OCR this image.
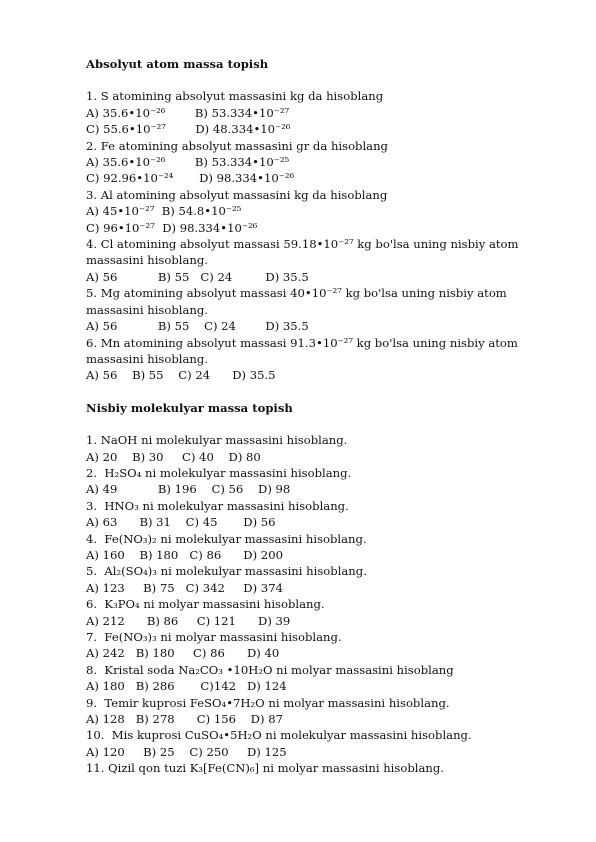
Absolyut atom massa topish

1. S atomining absolyut massasini kg da hisoblang

A) 35.6•10⁻²⁶        B) 53.334•10⁻²⁷

C) 55.6•10⁻²⁷        D) 48.334•10⁻²⁶

2. Fe atomining absolyut massasini gr da hisoblang

A) 35.6•10⁻²⁶        B) 53.334•10⁻²⁵

C) 92.96•10⁻²⁴       D) 98.334•10⁻²⁶

3. Al atomining absolyut massasini kg da hisoblang

A) 45•10⁻²⁷  B) 54.8•10⁻²⁵

C) 96•10⁻²⁷  D) 98.334•10⁻²⁶

4. Cl atomining absolyut massasi 59.18•10⁻²⁷ kg bo'lsa uning nisbiy atom massasini hisoblang.

A) 56           B) 55   C) 24         D) 35.5

5. Mg atomining absolyut massasi 40•10⁻²⁷ kg bo'lsa uning nisbiy atom massasini hisoblang.

A) 56           B) 55    C) 24        D) 35.5

6. Mn atomining absolyut massasi 91.3•10⁻²⁷ kg bo'lsa uning nisbiy atom massasini hisoblang.

A) 56    B) 55    C) 24      D) 35.5

Nisbiy molekulyar massa topish

1. NaOH ni molekulyar massasini hisoblang.

A) 20    B) 30     C) 40    D) 80

2.  H₂SO₄ ni molekulyar massasini hisoblang.

A) 49           B) 196    C) 56    D) 98

3.  HNO₃ ni molekulyar massasini hisoblang.

A) 63      B) 31    C) 45       D) 56

4.  Fe(NO₃)₂ ni molekulyar massasini hisoblang.

A) 160    B) 180   C) 86      D) 200

5.  Al₂(SO₄)₃ ni molekulyar massasini hisoblang.

A) 123     B) 75   C) 342     D) 374

6.  K₃PO₄ ni molyar massasini hisoblang.

A) 212      B) 86     C) 121      D) 39

7.  Fe(NO₃)₃ ni molyar massasini hisoblang.

A) 242   B) 180     C) 86      D) 40

8.  Kristal soda Na₂CO₃ •10H₂O ni molyar massasini hisoblang

A) 180   B) 286       C)142   D) 124

9.  Temir kuprosi FeSO₄•7H₂O ni molyar massasini hisoblang.

A) 128   B) 278      C) 156    D) 87

10.  Mis kuprosi CuSO₄•5H₂O ni molekulyar massasini hisoblang.

A) 120     B) 25    C) 250     D) 125

11. Qizil qon tuzi K₃[Fe(CN)₆] ni molyar massasini hisoblang.
